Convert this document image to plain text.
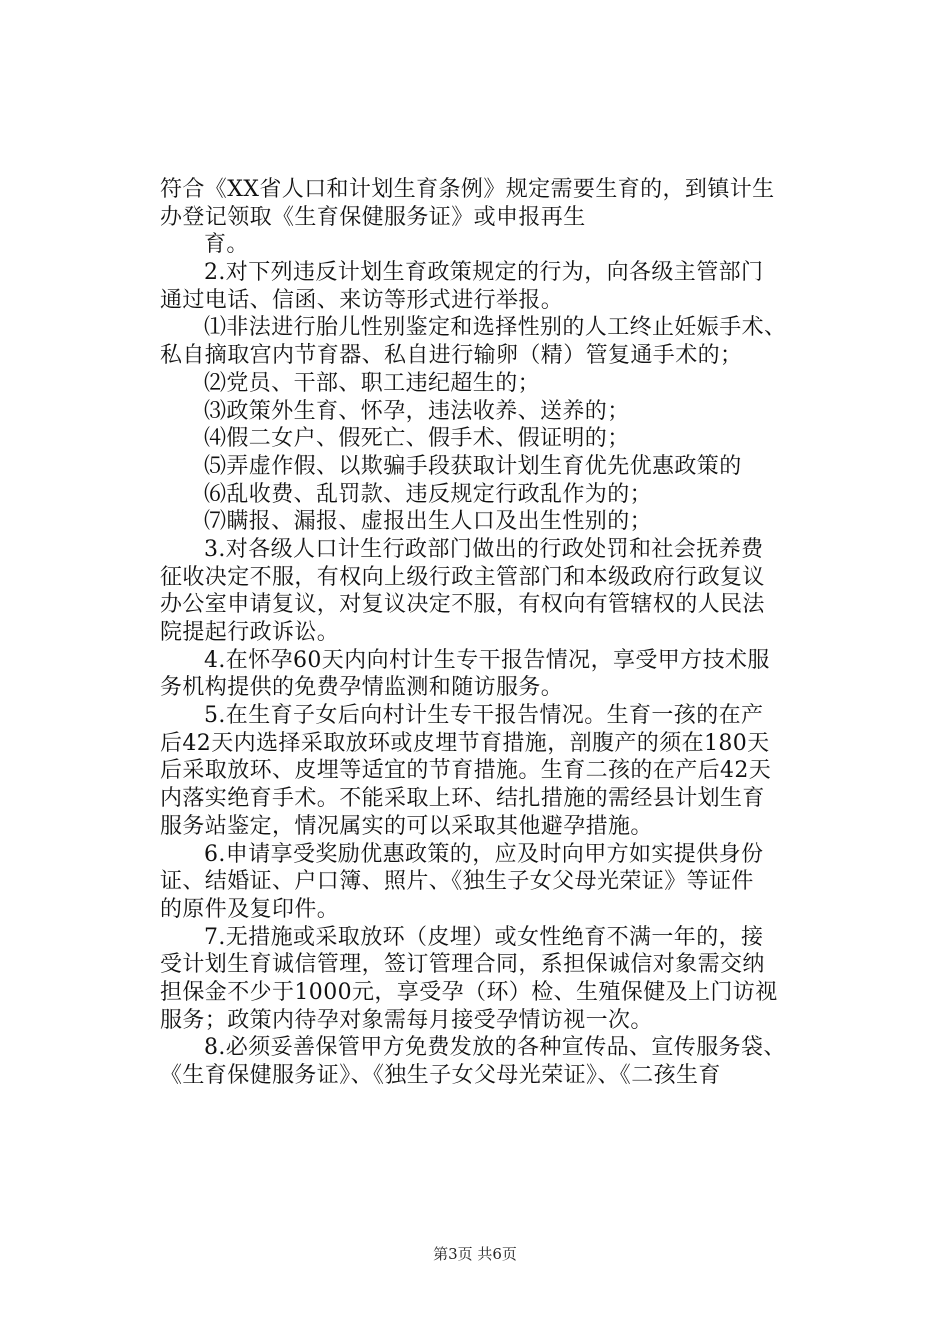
符合《XX省人口和计划生育条例》规定需要生育的，到镇计生
办登记领取《生育保健服务证》或申报再生
育。
2.对下列违反计划生育政策规定的行为，向各级主管部门
通过电话、信函、来访等形式进行举报。
⑴非法进行胎儿性别鉴定和选择性别的人工终止妊娠手术、
私自摘取宫内节育器、私自进行输卵（精）管复通手术的；
⑵党员、干部、职工违纪超生的；
⑶政策外生育、怀孕，违法收养、送养的；
⑷假二女户、假死亡、假手术、假证明的；
⑸弄虚作假、以欺骗手段获取计划生育优先优惠政策的
⑹乱收费、乱罚款、违反规定行政乱作为的；
⑺瞒报、漏报、虚报出生人口及出生性别的；
3.对各级人口计生行政部门做出的行政处罚和社会抚养费
征收决定不服，有权向上级行政主管部门和本级政府行政复议
办公室申请复议，对复议决定不服，有权向有管辖权的人民法
院提起行政诉讼。
4.在怀孕60天内向村计生专干报告情况，享受甲方技术服
务机构提供的免费孕情监测和随访服务。
5.在生育子女后向村计生专干报告情况。生育一孩的在产
后42天内选择采取放环或皮埋节育措施，剖腹产的须在180天
后采取放环、皮埋等适宜的节育措施。生育二孩的在产后42天
内落实绝育手术。不能采取上环、结扎措施的需经县计划生育
服务站鉴定，情况属实的可以采取其他避孕措施。
6.申请享受奖励优惠政策的，应及时向甲方如实提供身份
证、结婚证、户口簿、照片、《独生子女父母光荣证》等证件
的原件及复印件。
7.无措施或采取放环（皮埋）或女性绝育不满一年的，接
受计划生育诚信管理，签订管理合同，系担保诚信对象需交纳
担保金不少于1000元，享受孕（环）检、生殖保健及上门访视
服务；政策内待孕对象需每月接受孕情访视一次。
8.必须妥善保管甲方免费发放的各种宣传品、宣传服务袋、
《生育保健服务证》、《独生子女父母光荣证》、《二孩生育
第3页 共6页
